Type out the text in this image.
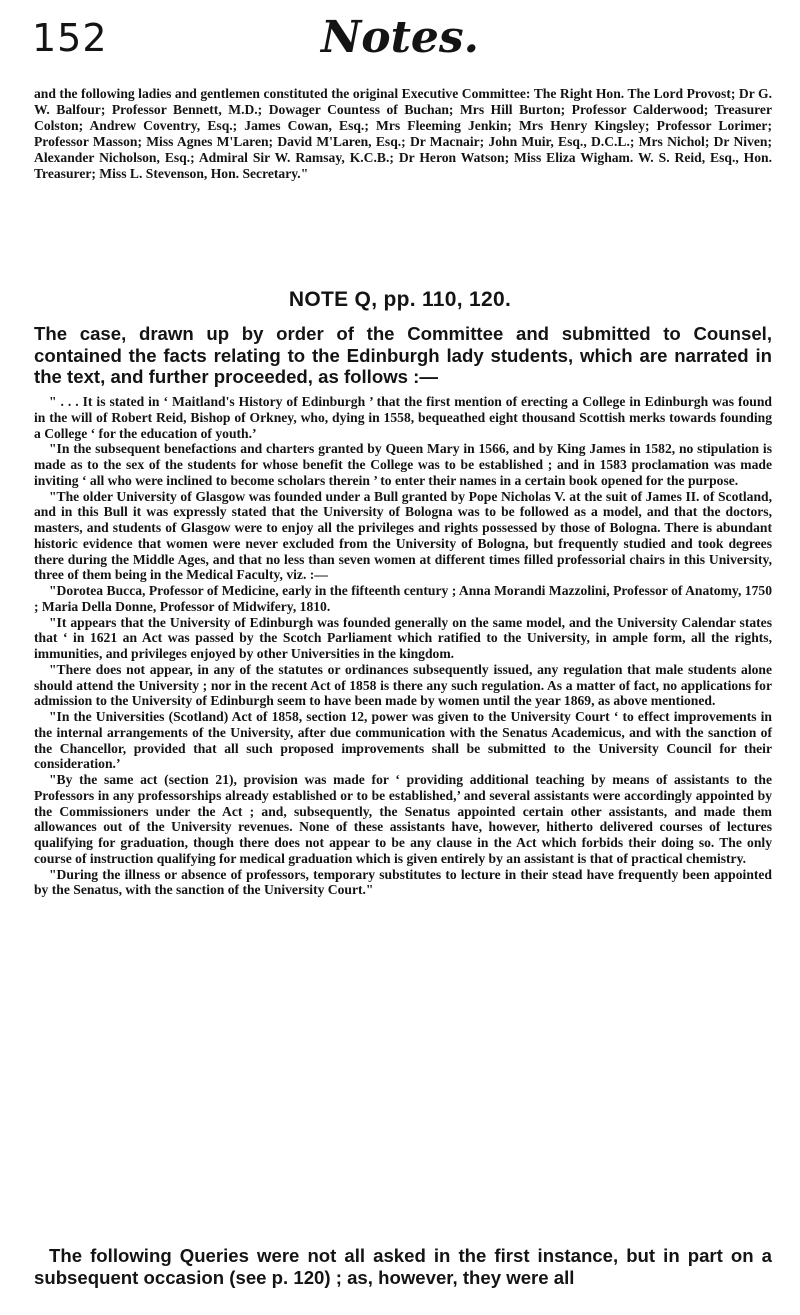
152	Notes.

and the following ladies and gentlemen constituted the original Executive Committee: The Right Hon. The Lord Provost; Dr G. W. Balfour; Professor Bennett, M.D.; Dowager Countess of Buchan; Mrs Hill Burton; Professor Calderwood; Treasurer Colston; Andrew Coventry, Esq.; James Cowan, Esq.; Mrs Fleeming Jenkin; Mrs Henry Kingsley; Professor Lorimer; Professor Masson; Miss Agnes M'Laren; David M'Laren, Esq.; Dr Macnair; John Muir, Esq., D.C.L.; Mrs Nichol; Dr Niven; Alexander Nicholson, Esq.; Admiral Sir W. Ramsay, K.C.B.; Dr Heron Watson; Miss Eliza Wigham. W. S. Reid, Esq., Hon. Treasurer; Miss L. Stevenson, Hon. Secretary."

NOTE Q, pp. 110, 120.

The case, drawn up by order of the Committee and submitted to Counsel, contained the facts relating to the Edinburgh lady students, which are narrated in the text, and further proceeded, as follows :—

" . . . It is stated in ‘ Maitland's History of Edinburgh ’ that the first mention of erecting a College in Edinburgh was found in the will of Robert Reid, Bishop of Orkney, who, dying in 1558, bequeathed eight thousand Scottish merks towards founding a College ‘ for the education of youth.’

"In the subsequent benefactions and charters granted by Queen Mary in 1566, and by King James in 1582, no stipulation is made as to the sex of the students for whose benefit the College was to be established ; and in 1583 proclamation was made inviting ‘ all who were inclined to become scholars therein ’ to enter their names in a certain book opened for the purpose.

"The older University of Glasgow was founded under a Bull granted by Pope Nicholas V. at the suit of James II. of Scotland, and in this Bull it was expressly stated that the University of Bologna was to be followed as a model, and that the doctors, masters, and students of Glasgow were to enjoy all the privileges and rights possessed by those of Bologna. There is abundant historic evidence that women were never excluded from the University of Bologna, but frequently studied and took degrees there during the Middle Ages, and that no less than seven women at different times filled professorial chairs in this University, three of them being in the Medical Faculty, viz. :—

"Dorotea Bucca, Professor of Medicine, early in the fifteenth century ; Anna Morandi Mazzolini, Professor of Anatomy, 1750 ; Maria Della Donne, Professor of Midwifery, 1810.

"It appears that the University of Edinburgh was founded generally on the same model, and the University Calendar states that ‘ in 1621 an Act was passed by the Scotch Parliament which ratified to the University, in ample form, all the rights, immunities, and privileges enjoyed by other Universities in the kingdom.

"There does not appear, in any of the statutes or ordinances subsequently issued, any regulation that male students alone should attend the University ; nor in the recent Act of 1858 is there any such regulation. As a matter of fact, no applications for admission to the University of Edinburgh seem to have been made by women until the year 1869, as above mentioned.

"In the Universities (Scotland) Act of 1858, section 12, power was given to the University Court ‘ to effect improvements in the internal arrangements of the University, after due communication with the Senatus Academicus, and with the sanction of the Chancellor, provided that all such proposed improvements shall be submitted to the University Council for their consideration.’

"By the same act (section 21), provision was made for ‘ providing additional teaching by means of assistants to the Professors in any professorships already established or to be established,’ and several assistants were accordingly appointed by the Commissioners under the Act ; and, subsequently, the Senatus appointed certain other assistants, and made them allowances out of the University revenues. None of these assistants have, however, hitherto delivered courses of lectures qualifying for graduation, though there does not appear to be any clause in the Act which forbids their doing so. The only course of instruction qualifying for medical graduation which is given entirely by an assistant is that of practical chemistry.

"During the illness or absence of professors, temporary substitutes to lecture in their stead have frequently been appointed by the Senatus, with the sanction of the University Court."

The following Queries were not all asked in the first instance, but in part on a subsequent occasion (see p. 120) ; as, however, they were all
